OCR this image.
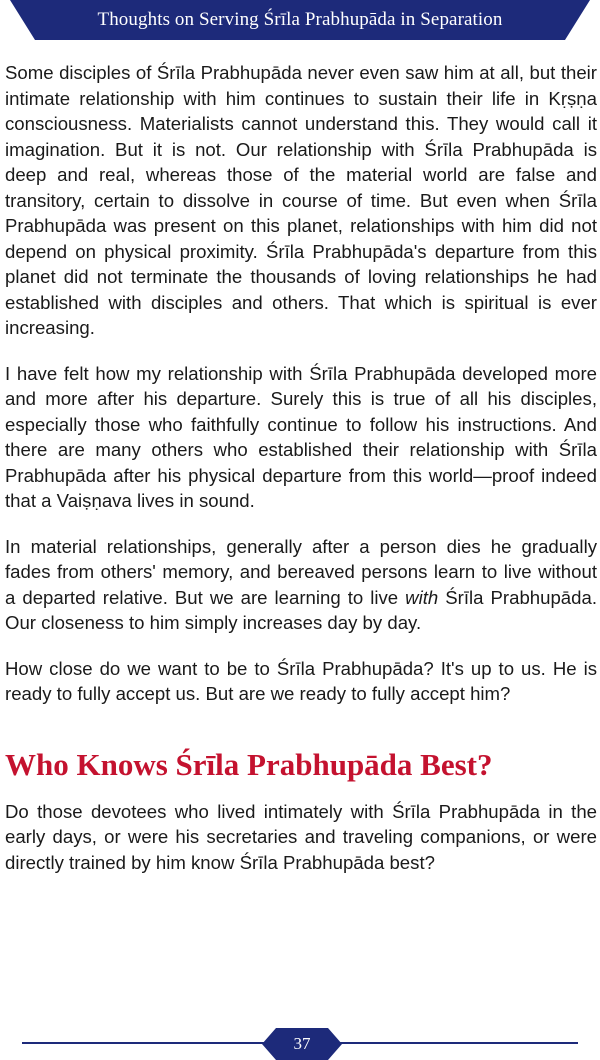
Thoughts on Serving Śrīla Prabhupāda in Separation

Some disciples of Śrīla Prabhupāda never even saw him at all, but their intimate relationship with him continues to sustain their life in Kṛṣṇa consciousness. Materialists cannot understand this. They would call it imagination. But it is not. Our relationship with Śrīla Prabhupāda is deep and real, whereas those of the material world are false and transitory, certain to dissolve in course of time. But even when Śrīla Prabhupāda was present on this planet, relationships with him did not depend on physical proximity. Śrīla Prabhupāda's departure from this planet did not terminate the thousands of loving relationships he had established with disciples and others. That which is spiritual is ever increasing.

I have felt how my relationship with Śrīla Prabhupāda developed more and more after his departure. Surely this is true of all his disciples, especially those who faithfully continue to follow his instructions. And there are many others who established their relationship with Śrīla Prabhupāda after his physical departure from this world—proof indeed that a Vaiṣṇava lives in sound.

In material relationships, generally after a person dies he gradually fades from others' memory, and bereaved persons learn to live without a departed relative. But we are learning to live with Śrīla Prabhupāda. Our closeness to him simply increases day by day.

How close do we want to be to Śrīla Prabhupāda? It's up to us. He is ready to fully accept us. But are we ready to fully accept him?

Who Knows Śrīla Prabhupāda Best?

Do those devotees who lived intimately with Śrīla Prabhupāda in the early days, or were his secretaries and traveling companions, or were directly trained by him know Śrīla Prabhupāda best?

37
